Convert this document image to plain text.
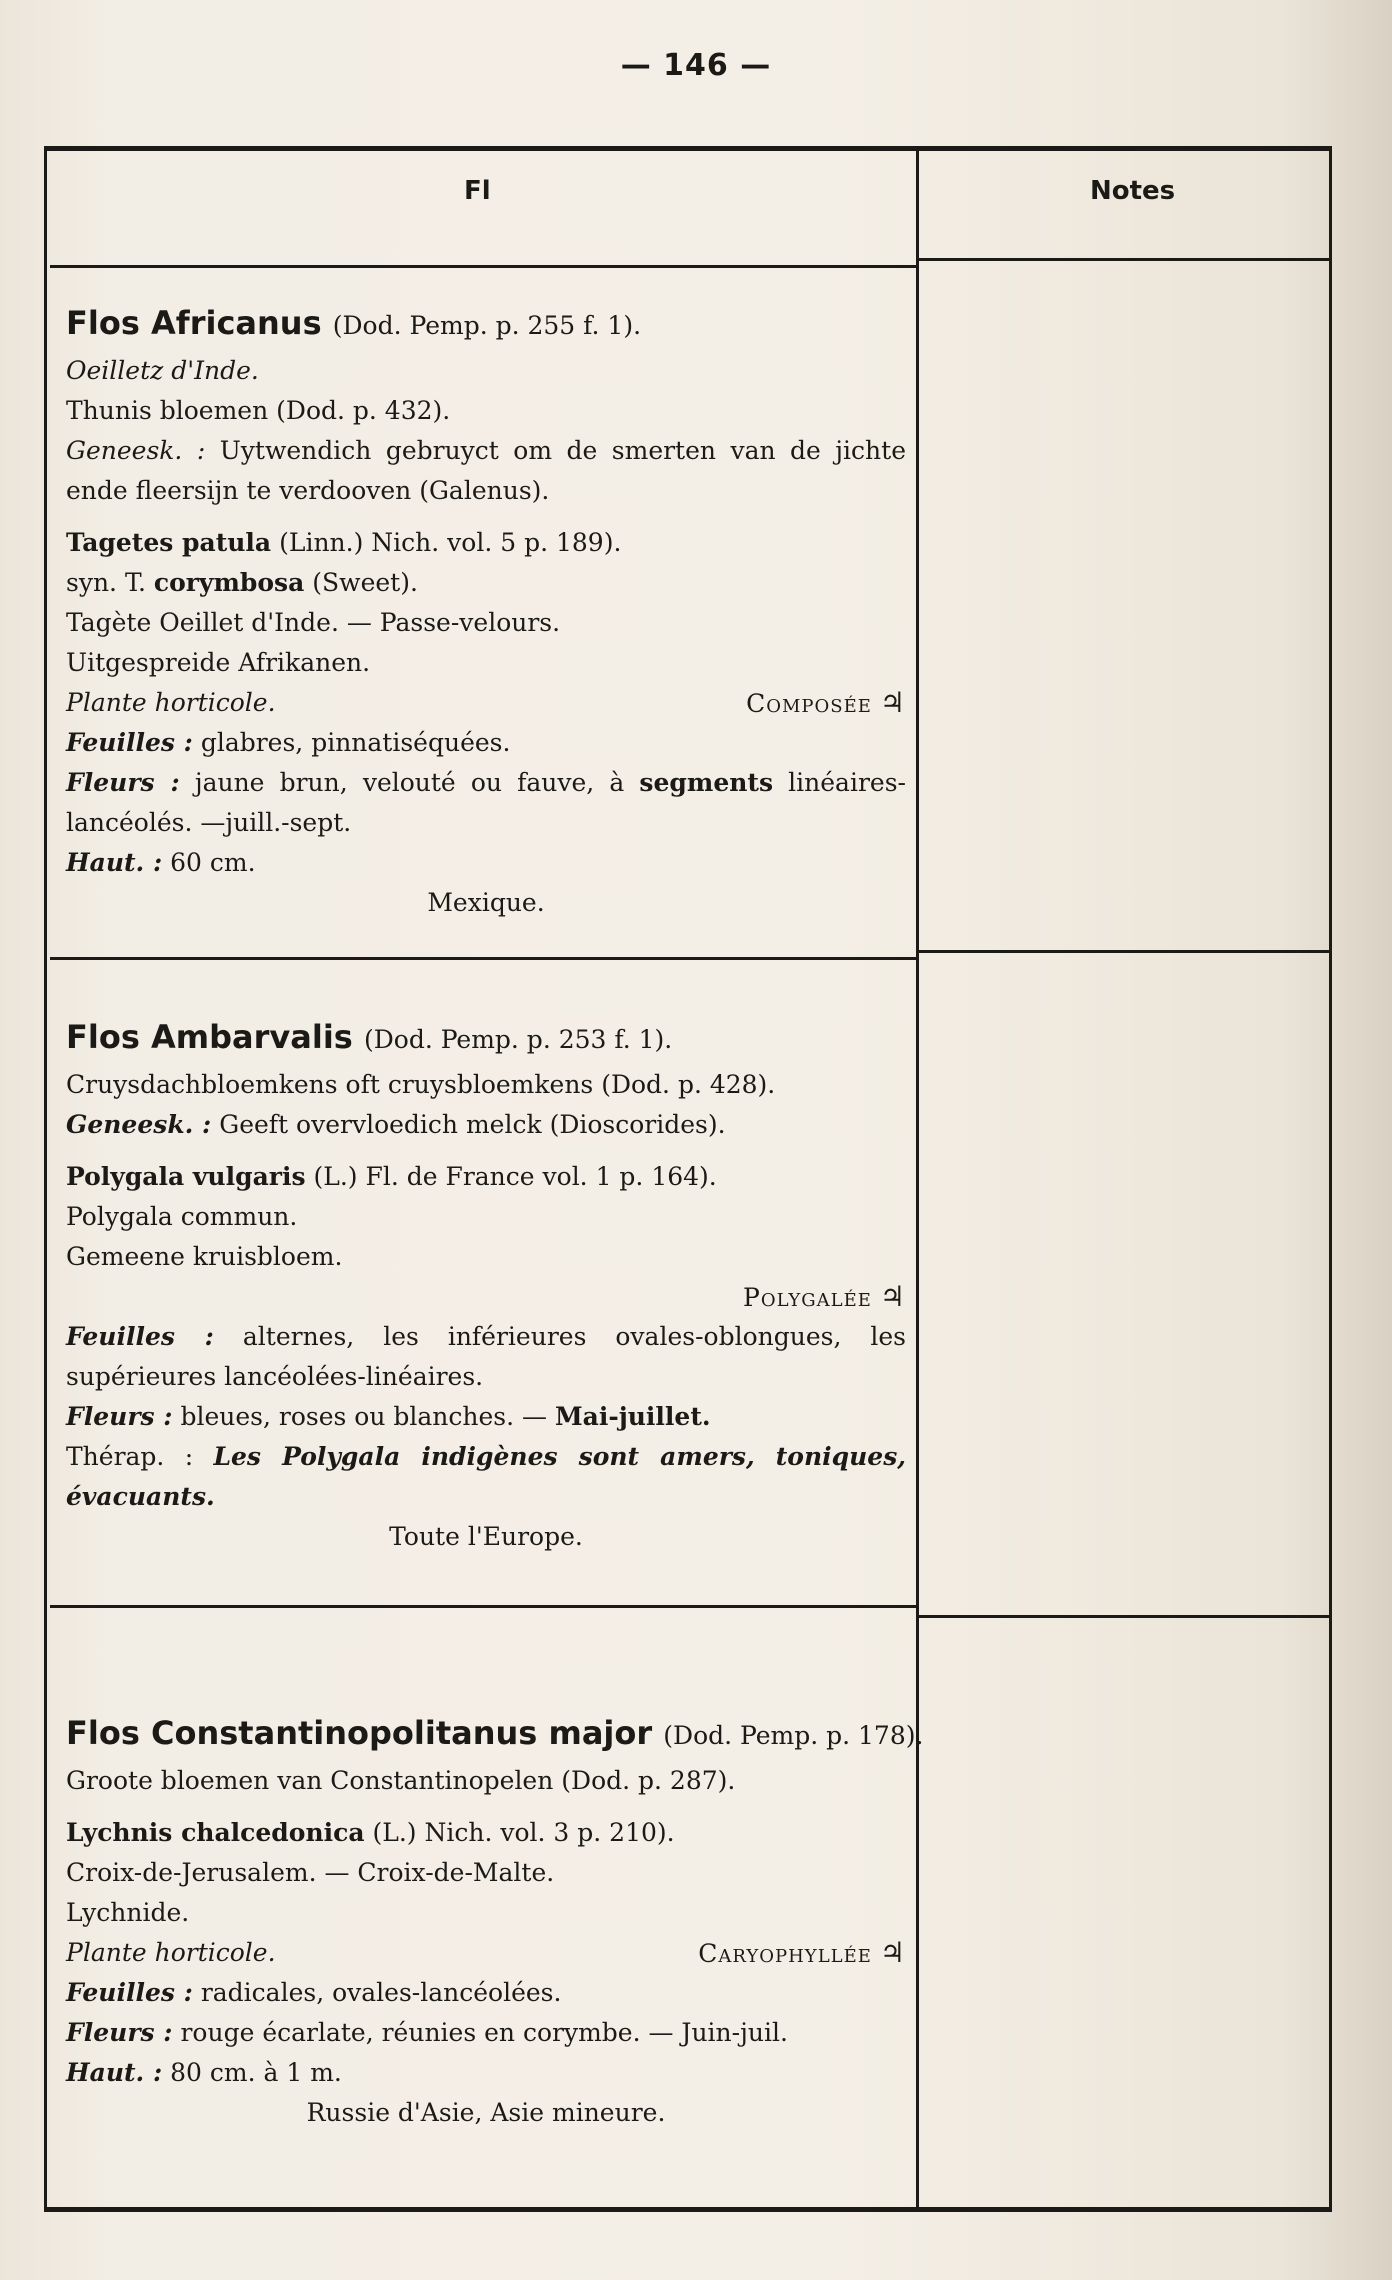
— 146 —
Fl	Notes
Flos Africanus (Dod. Pemp. p. 255 f. 1).
Oeilletz d'Inde.
Thunis bloemen (Dod. p. 432).
Geneesk. : Uytwendich gebruyct om de smerten van de jichte ende fleersijn te verdooven (Galenus).
Tagetes patula (Linn.) Nich. vol. 5 p. 189).
syn. T. corymbosa (Sweet).
Tagète Oeillet d'Inde. — Passe-velours.
Uitgespreide Afrikanen.
Plante horticole.	Composée ♃
Feuilles : glabres, pinnatiséquées.
Fleurs : jaune brun, velouté ou fauve, à segments linéaires-lancéolés. —juill.-sept.
Haut. : 60 cm.
Mexique.
Flos Ambarvalis (Dod. Pemp. p. 253 f. 1).
Cruysdachbloemkens oft cruysbloemkens (Dod. p. 428).
Geneesk. : Geeft overvloedich melck (Dioscorides).
Polygala vulgaris (L.) Fl. de France vol. 1 p. 164).
Polygala commun.
Gemeene kruisbloem.
Polygalée ♃

Feuilles : alternes, les inférieures ovales-oblongues, les supérieures lancéolées-linéaires.
Fleurs : bleues, roses ou blanches. — Mai-juillet.
Thérap. : Les Polygala indigènes sont amers, toniques, évacuants.
Toute l'Europe.
Flos Constantinopolitanus major (Dod. Pemp. p. 178).
Groote bloemen van Constantinopelen (Dod. p. 287).
Lychnis chalcedonica (L.) Nich. vol. 3 p. 210).
Croix-de-Jerusalem. — Croix-de-Malte.
Lychnide.
Plante horticole.	Caryophyllée ♃
Feuilles : radicales, ovales-lancéolées.
Fleurs : rouge écarlate, réunies en corymbe. — Juin-juil.
Haut. : 80 cm. à 1 m.
Russie d'Asie, Asie mineure.
